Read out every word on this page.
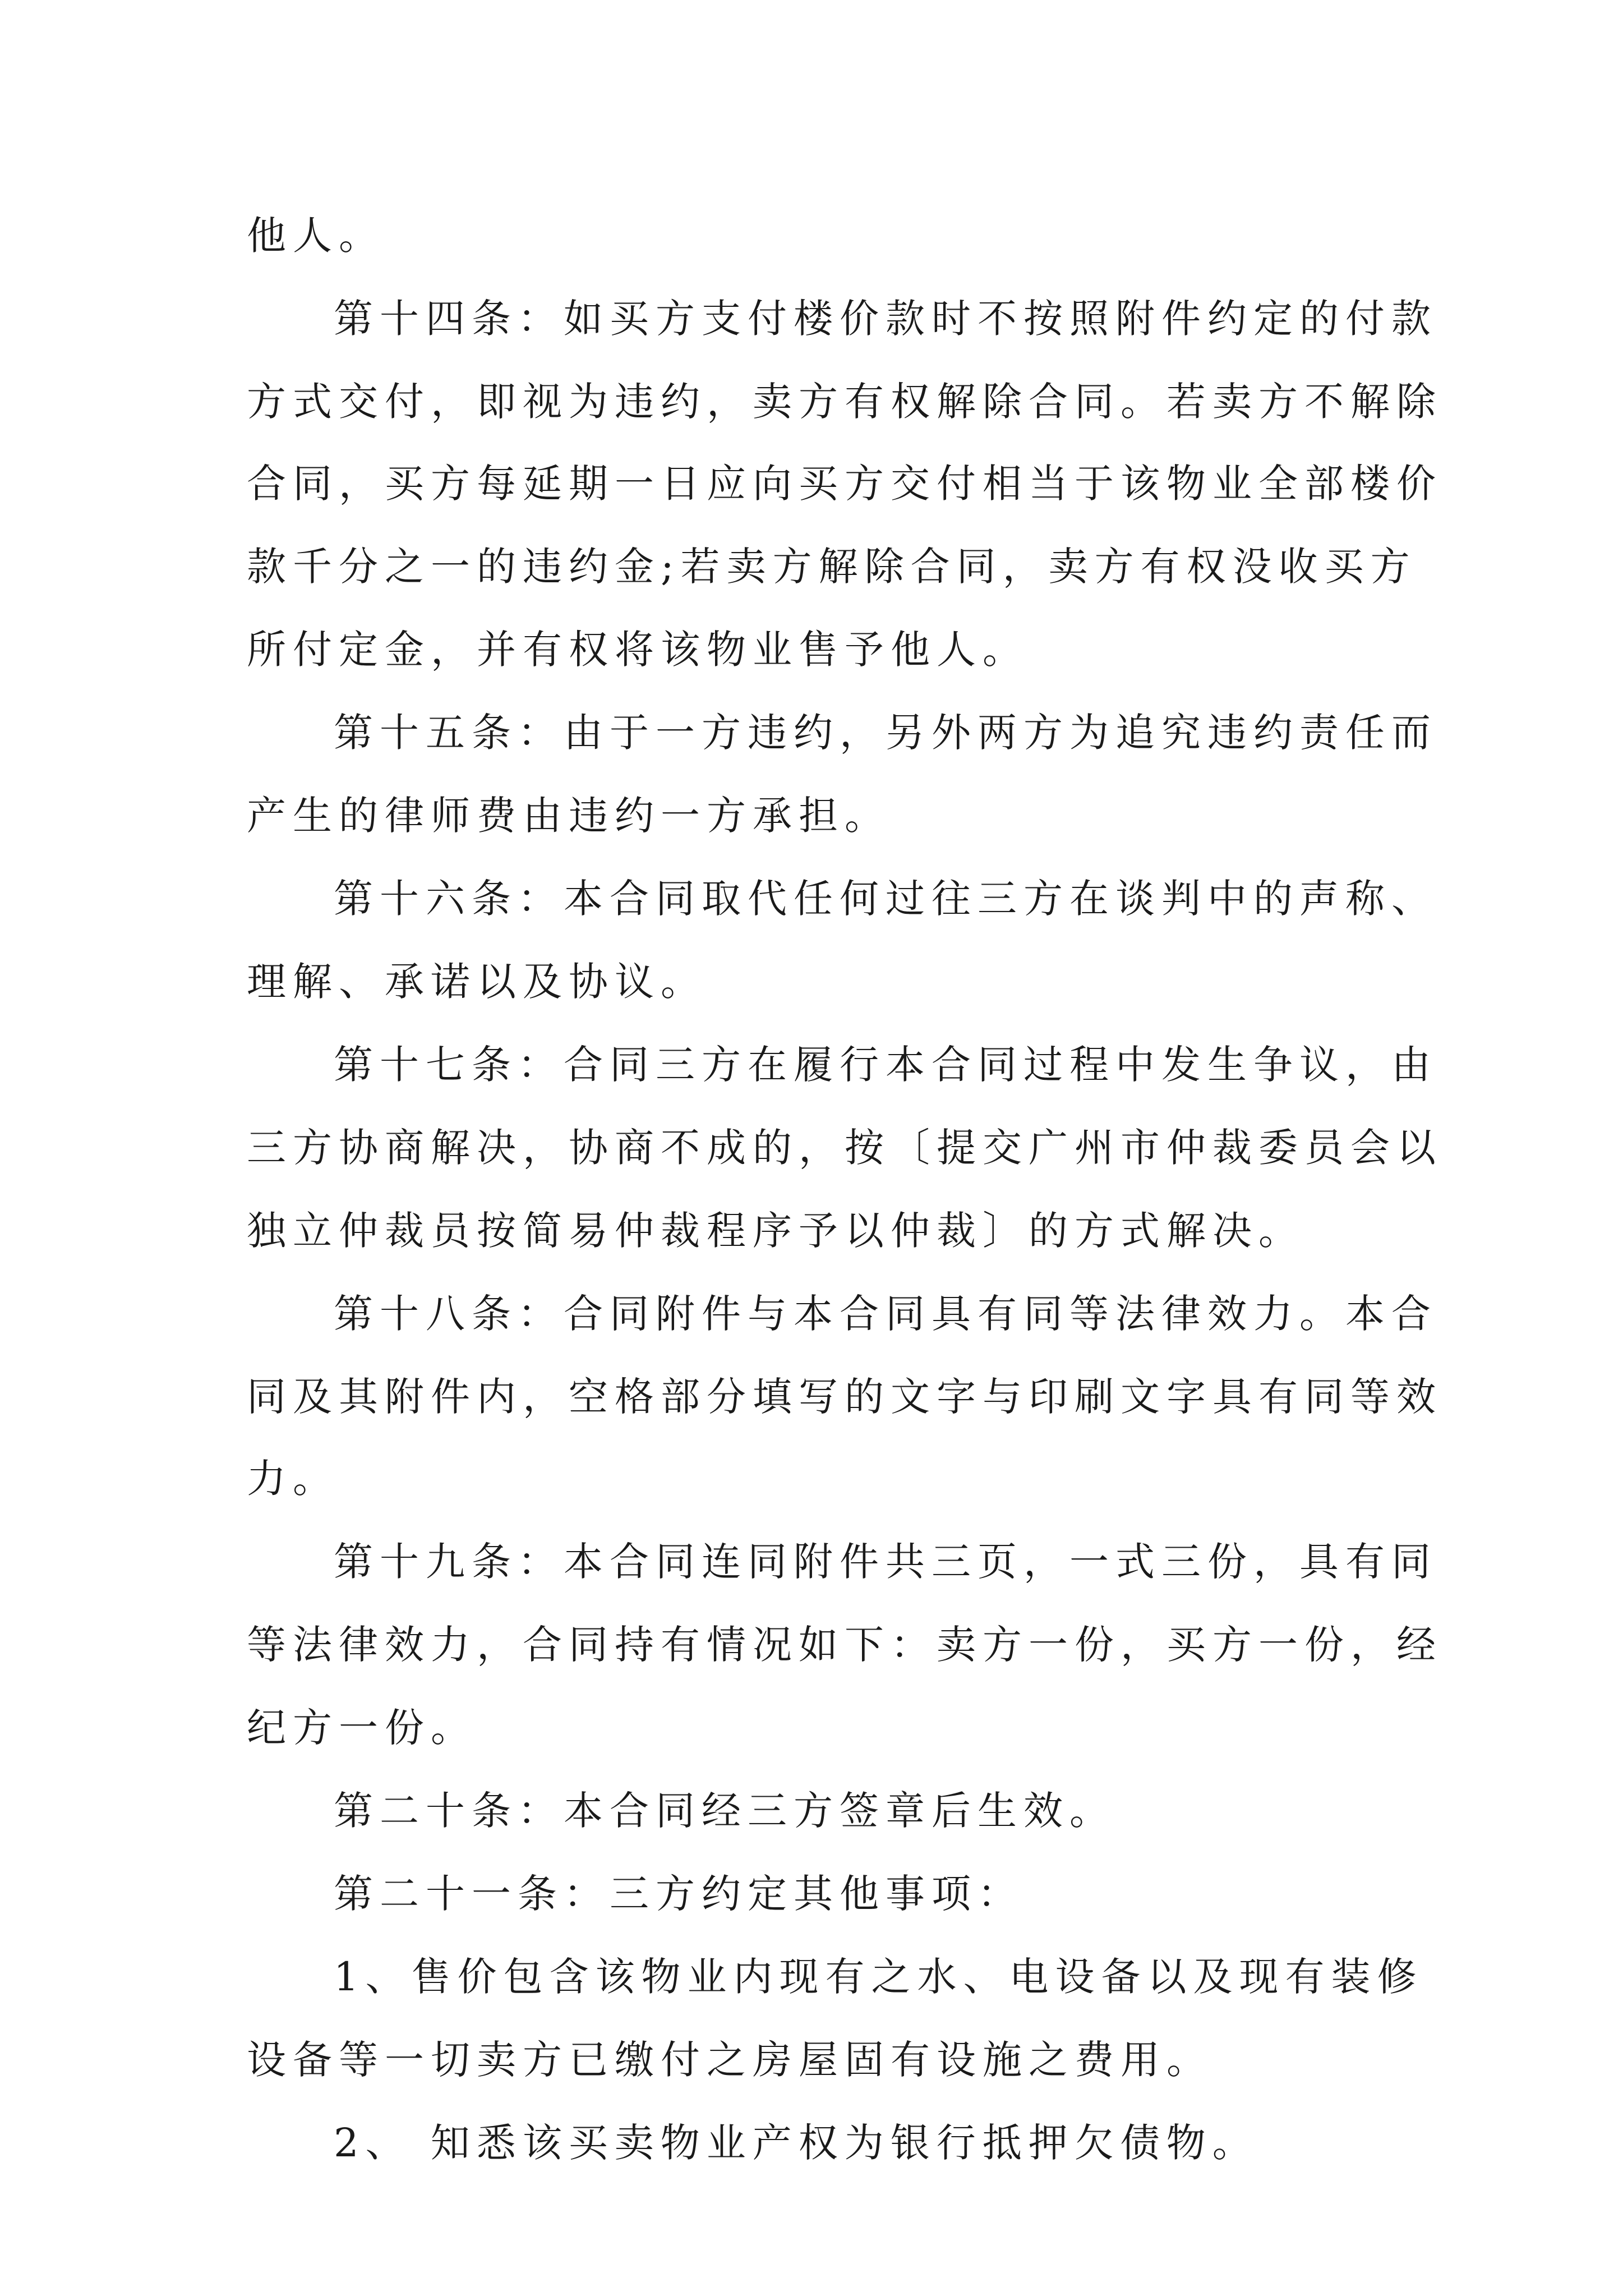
他人。
第十四条：如买方支付楼价款时不按照附件约定的付款
方式交付，即视为违约，卖方有权解除合同。若卖方不解除
合同，买方每延期一日应向买方交付相当于该物业全部楼价
款千分之一的违约金;若卖方解除合同，卖方有权没收买方
所付定金，并有权将该物业售予他人。
第十五条：由于一方违约，另外两方为追究违约责任而
产生的律师费由违约一方承担。
第十六条：本合同取代任何过往三方在谈判中的声称、
理解、承诺以及协议。
第十七条：合同三方在履行本合同过程中发生争议，由
三方协商解决，协商不成的，按〔提交广州市仲裁委员会以
独立仲裁员按简易仲裁程序予以仲裁〕的方式解决。
第十八条：合同附件与本合同具有同等法律效力。本合
同及其附件内，空格部分填写的文字与印刷文字具有同等效
力。
第十九条：本合同连同附件共三页，一式三份，具有同
等法律效力，合同持有情况如下：卖方一份，买方一份，经
纪方一份。
第二十条：本合同经三方签章后生效。
第二十一条：三方约定其他事项：
1、售价包含该物业内现有之水、电设备以及现有装修
设备等一切卖方已缴付之房屋固有设施之费用。
2、 知悉该买卖物业产权为银行抵押欠债物。
